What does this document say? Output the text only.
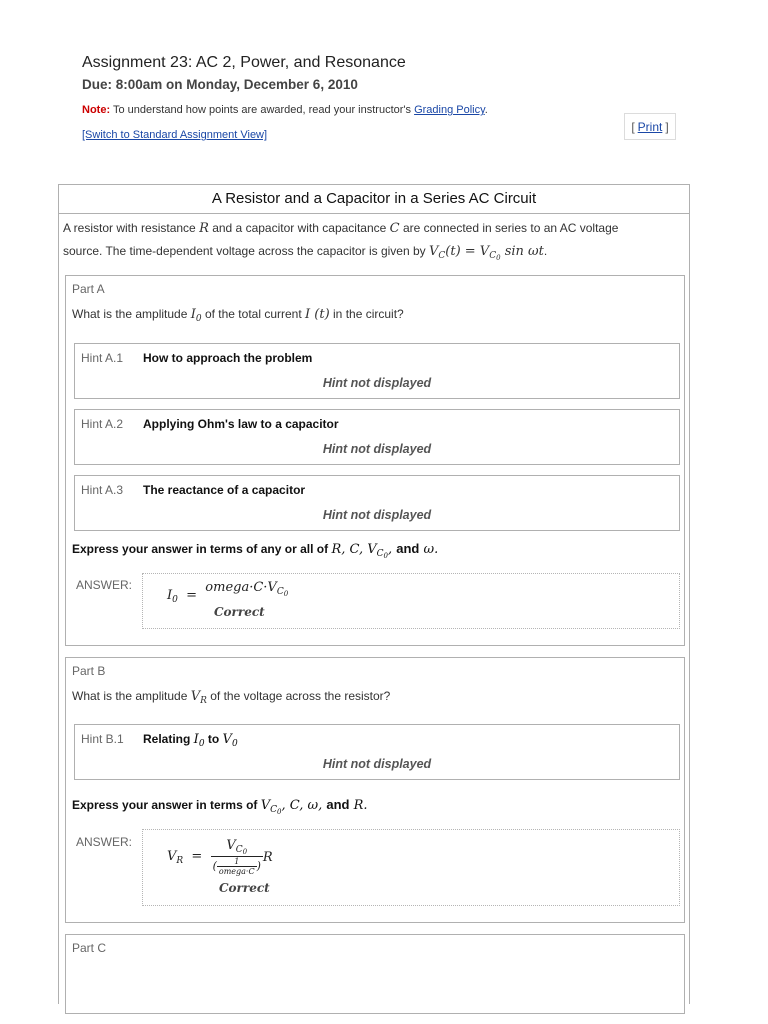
Assignment 23: AC 2, Power, and Resonance
Due: 8:00am on Monday, December 6, 2010
Note: To understand how points are awarded, read your instructor's Grading Policy.
[Switch to Standard Assignment View]
[ Print ]
A Resistor and a Capacitor in a Series AC Circuit
A resistor with resistance R and a capacitor with capacitance C are connected in series to an AC voltage
source. The time-dependent voltage across the capacitor is given by $V_C(t) = V_{C_0}$ sin ωt.
Part A
What is the amplitude $I_0$ of the total current I (t) in the circuit?
Hint A.1 How to approach the problem
Hint not displayed
Hint A.2 Applying Ohm's law to a capacitor
Hint not displayed
Hint A.3 The reactance of a capacitor
Hint not displayed
Express your answer in terms of any or all of R, C, $V_{C_0}$, and ω.
ANSWER:
$I_0$  =  $omega\cdot C\cdot V_{C_0}$
Correct
Part B
What is the amplitude $V_R$ of the voltage across the resistor?
Hint B.1 Relating $I_0$ to $V_0$
Hint not displayed
Express your answer in terms of $V_{C_0}$, C, ω, and R.
ANSWER:
$V_R = \frac{V_{C_0}}{( \frac{1}{\text{omega·C}} )}$ R
Correct
Part C
